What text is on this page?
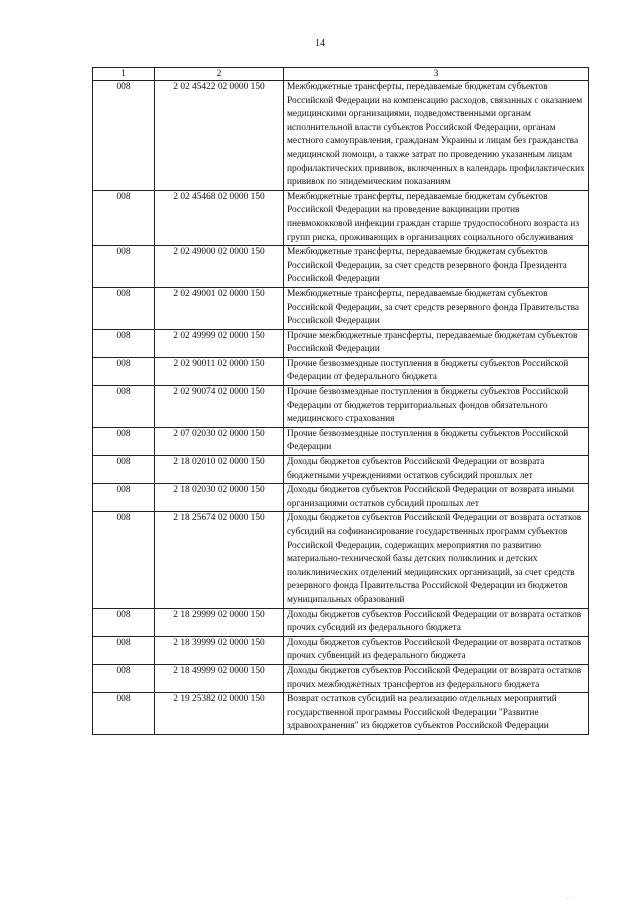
14
1	2	3
008	2 02 45422 02 0000 150	Межбюджетные трансферты, передаваемые бюджетам субъектов Российской Федерации на компенсацию расходов, связанных с оказанием медицинскими организациями, подведомственными органам исполнительной власти субъектов Российской Федерации, органам местного самоуправления, гражданам Украины и лицам без гражданства медицинской помощи, а также затрат по проведению указанным лицам профилактических прививок, включенных в календарь профилактических прививок по эпидемическим показаниям
008	2 02 45468 02 0000 150	Межбюджетные трансферты, передаваемые бюджетам субъектов Российской Федерации на проведение вакцинации против пневмококковой инфекции граждан старше трудоспособного возраста из групп риска, проживающих в организациях социального обслуживания
008	2 02 49000 02 0000 150	Межбюджетные трансферты, передаваемые бюджетам субъектов Российской Федерации, за счет средств резервного фонда Президента Российской Федерации
008	2 02 49001 02 0000 150	Межбюджетные трансферты, передаваемые бюджетам субъектов Российской Федерации, за счет средств резервного фонда Правительства Российской Федерации
008	2 02 49999 02 0000 150	Прочие межбюджетные трансферты, передаваемые бюджетам субъектов Российской Федерации
008	2 02 90011 02 0000 150	Прочие безвозмездные поступления в бюджеты субъектов Российской Федерации от федерального бюджета
008	2 02 90074 02 0000 150	Прочие безвозмездные поступления в бюджеты субъектов Российской Федерации от бюджетов территориальных фондов обязательного медицинского страхования
008	2 07 02030 02 0000 150	Прочие безвозмездные поступления в бюджеты субъектов Российской Федерации
008	2 18 02010 02 0000 150	Доходы бюджетов субъектов Российской Федерации от возврата бюджетными учреждениями остатков субсидий прошлых лет
008	2 18 02030 02 0000 150	Доходы бюджетов субъектов Российской Федерации от возврата иными организациями остатков субсидий прошлых лет
008	2 18 25674 02 0000 150	Доходы бюджетов субъектов Российской Федерации от возврата остатков субсидий на софинансирование государственных программ субъектов Российской Федерации, содержащих мероприятия по развитию материально-технической базы детских поликлиник и детских поликлинических отделений медицинских организаций, за счет средств резервного фонда Правительства Российской Федерации из бюджетов муниципальных образований
008	2 18 29999 02 0000 150	Доходы бюджетов субъектов Российской Федерации от возврата остатков прочих субсидий из федерального бюджета
008	2 18 39999 02 0000 150	Доходы бюджетов субъектов Российской Федерации от возврата остатков прочих субвенций из федерального бюджета
008	2 18 49999 02 0000 150	Доходы бюджетов субъектов Российской Федерации от возврата остатков прочих межбюджетных трансфертов из федерального бюджета
008	2 19 25382 02 0000 150	Возврат остатков субсидий на реализацию отдельных мероприятий государственной программы Российской Федерации "Развитие здравоохранения" из бюджетов субъектов Российской Федерации
· ·
